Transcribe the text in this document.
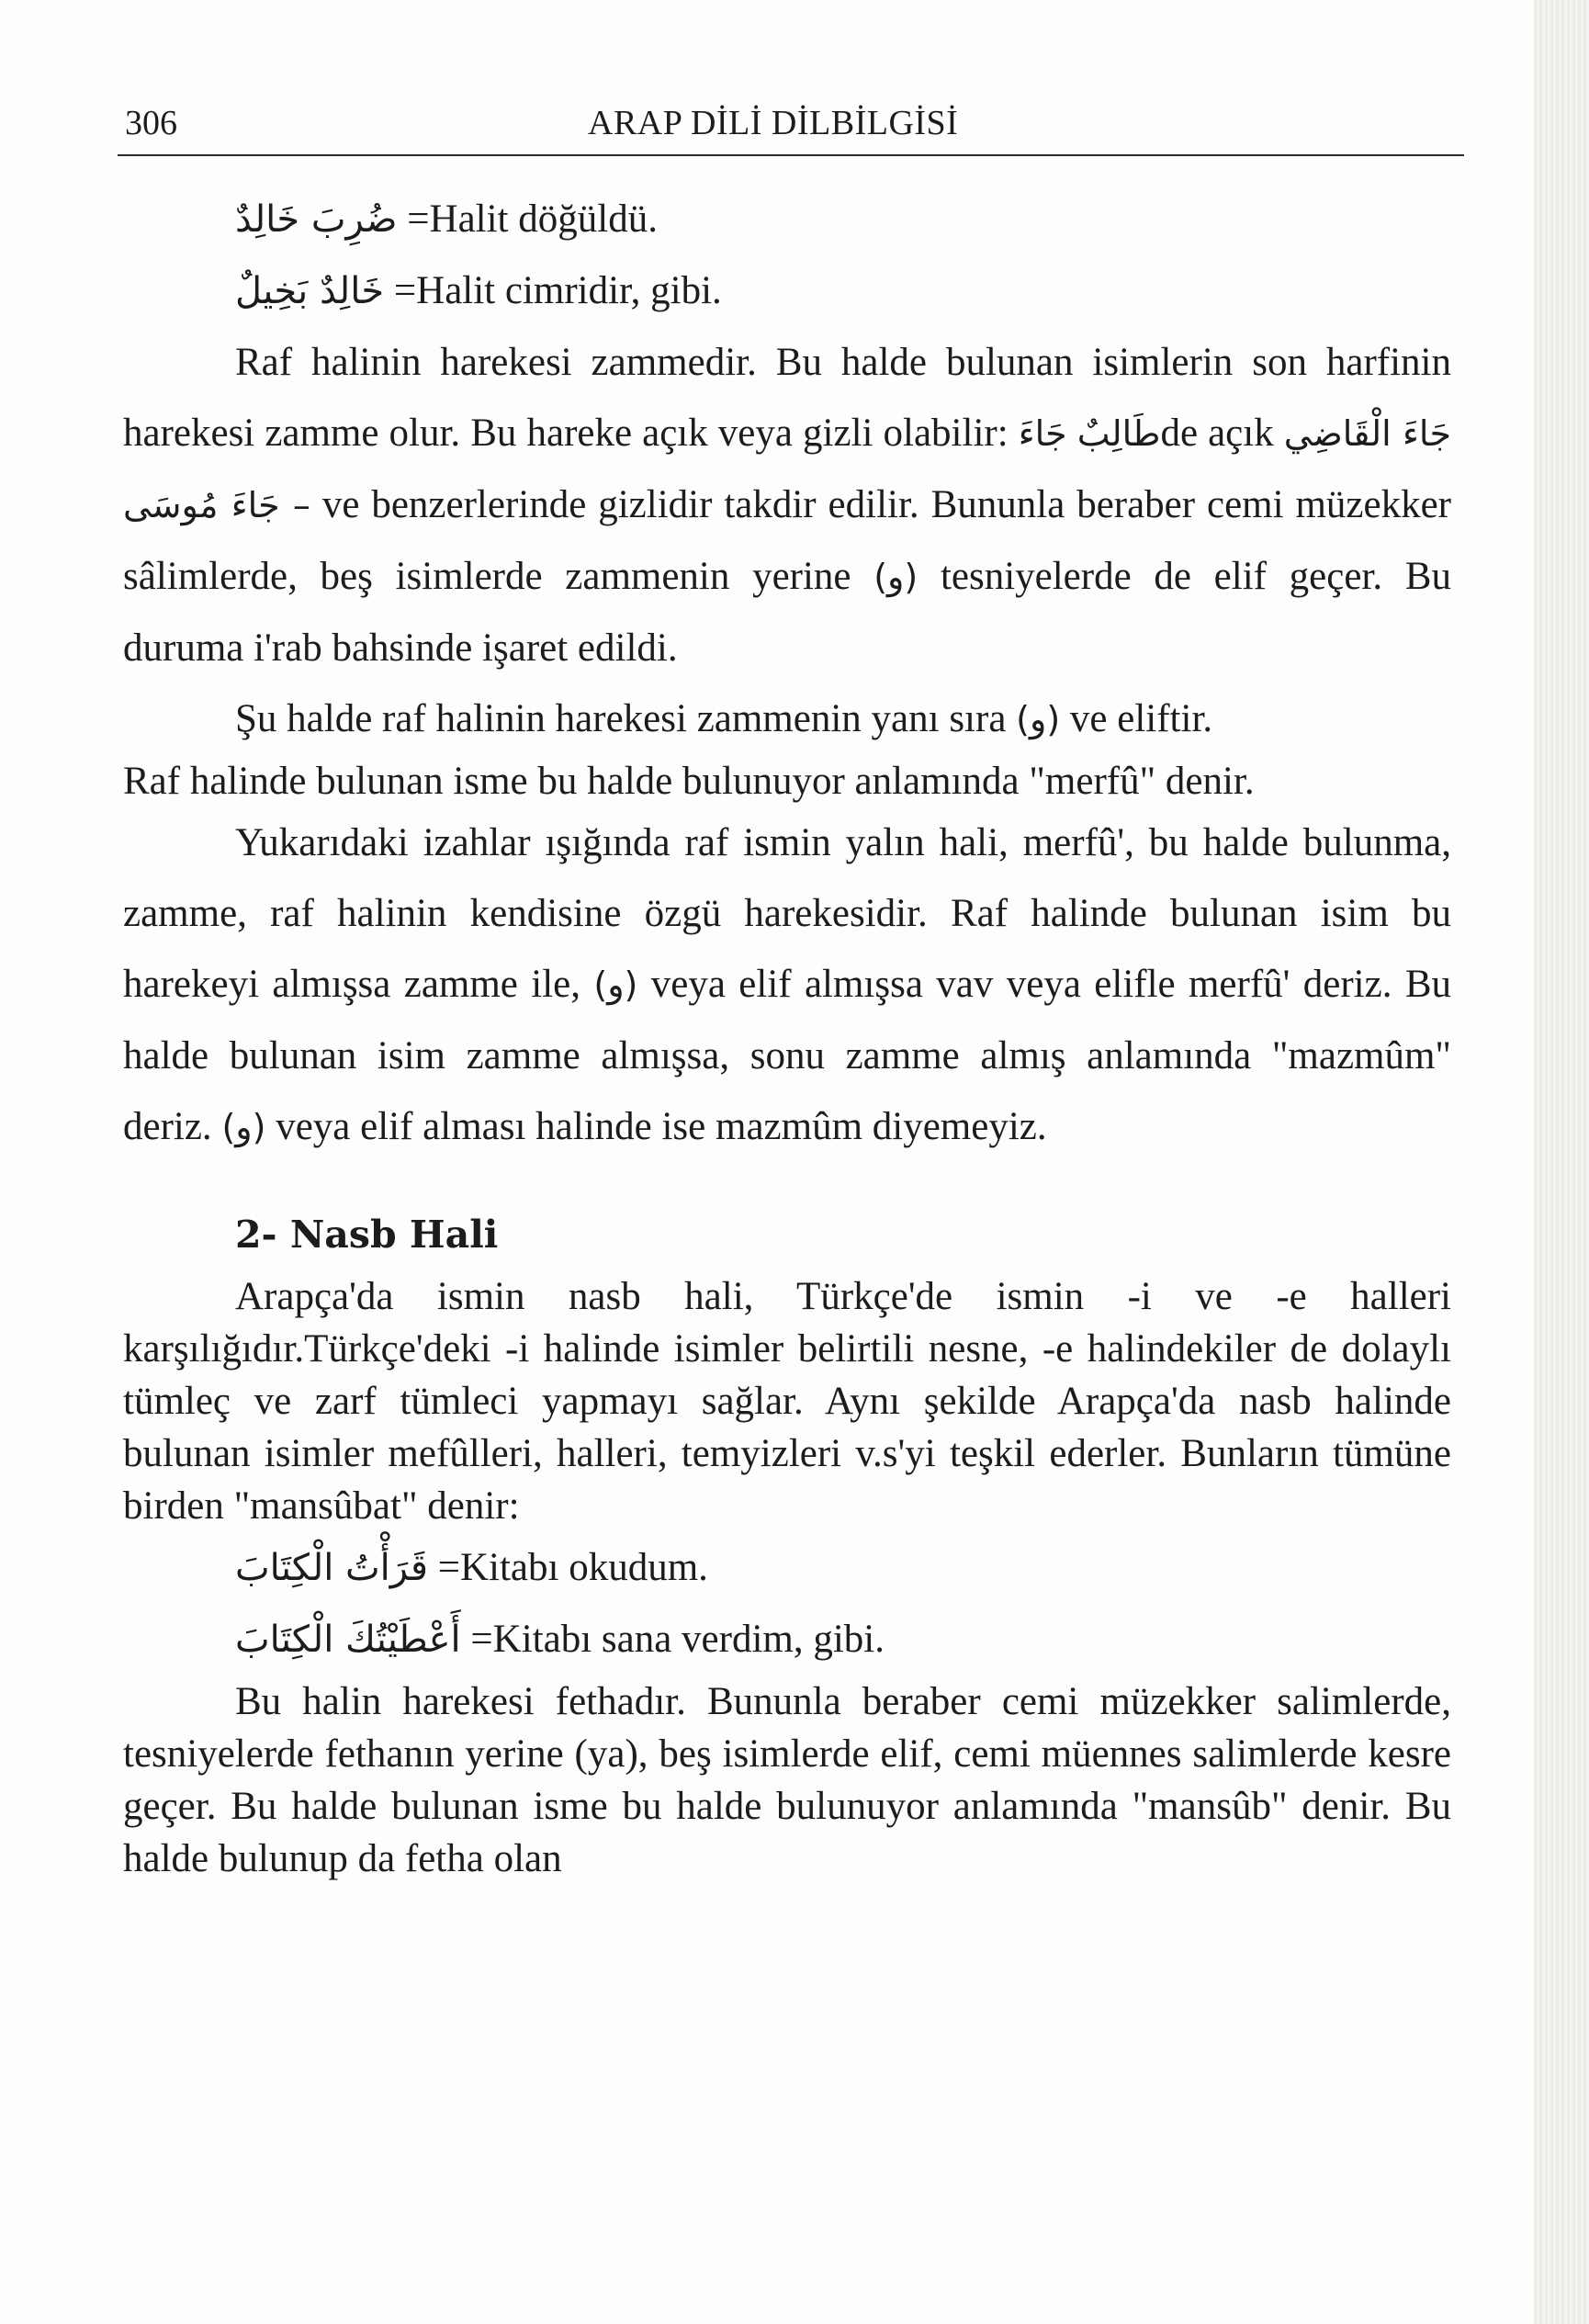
306	ARAP DİLİ DİLBİLGİSİ

ضُرِبَ خَالِدٌ =Halit döğüldü.

خَالِدٌ بَخِيلٌ =Halit cimridir, gibi.

Raf halinin harekesi zammedir. Bu halde bulunan isimlerin son harfinin harekesi zamme olur. Bu hareke açık veya gizli olabilir: جَاءَ طَالِبٌde açık جَاءَ الْقَاضِي – جَاءَ مُوسَى ve benzerlerinde gizlidir takdir edilir. Bununla beraber cemi müzekker sâlimlerde, beş isimlerde zammenin yerine (و) tesniyelerde de elif geçer. Bu duruma i'rab bahsinde işaret edildi.

Şu halde raf halinin harekesi zammenin yanı sıra (و) ve eliftir.

Raf halinde bulunan isme bu halde bulunuyor anlamında "merfû" denir.

Yukarıdaki izahlar ışığında raf ismin yalın hali, merfû', bu halde bulunma, zamme, raf halinin kendisine özgü harekesidir. Raf halinde bulunan isim bu harekeyi almışsa zamme ile, (و) veya elif almışsa vav veya elifle merfû' deriz. Bu halde bulunan isim zamme almışsa, sonu zamme almış anlamında "mazmûm" deriz. (و) veya elif alması halinde ise mazmûm diyemeyiz.

2- Nasb Hali

Arapça'da ismin nasb hali, Türkçe'de ismin -i ve -e halleri karşılığıdır.Türkçe'deki -i halinde isimler belirtili nesne, -e halindekiler de dolaylı tümleç ve zarf tümleci yapmayı sağlar. Aynı şekilde Arapça'da nasb halinde bulunan isimler mefûlleri, halleri, temyizleri v.s'yi teşkil ederler. Bunların tümüne birden "mansûbat" denir:

قَرَأْتُ الْكِتَابَ =Kitabı okudum.

أَعْطَيْتُكَ الْكِتَابَ =Kitabı sana verdim, gibi.

Bu halin harekesi fethadır. Bununla beraber cemi müzekker salimlerde, tesniyelerde fethanın yerine (ya), beş isimlerde elif, cemi müennes salimlerde kesre geçer. Bu halde bulunan isme bu halde bulunuyor anlamında "mansûb" denir. Bu halde bulunup da fetha olan
